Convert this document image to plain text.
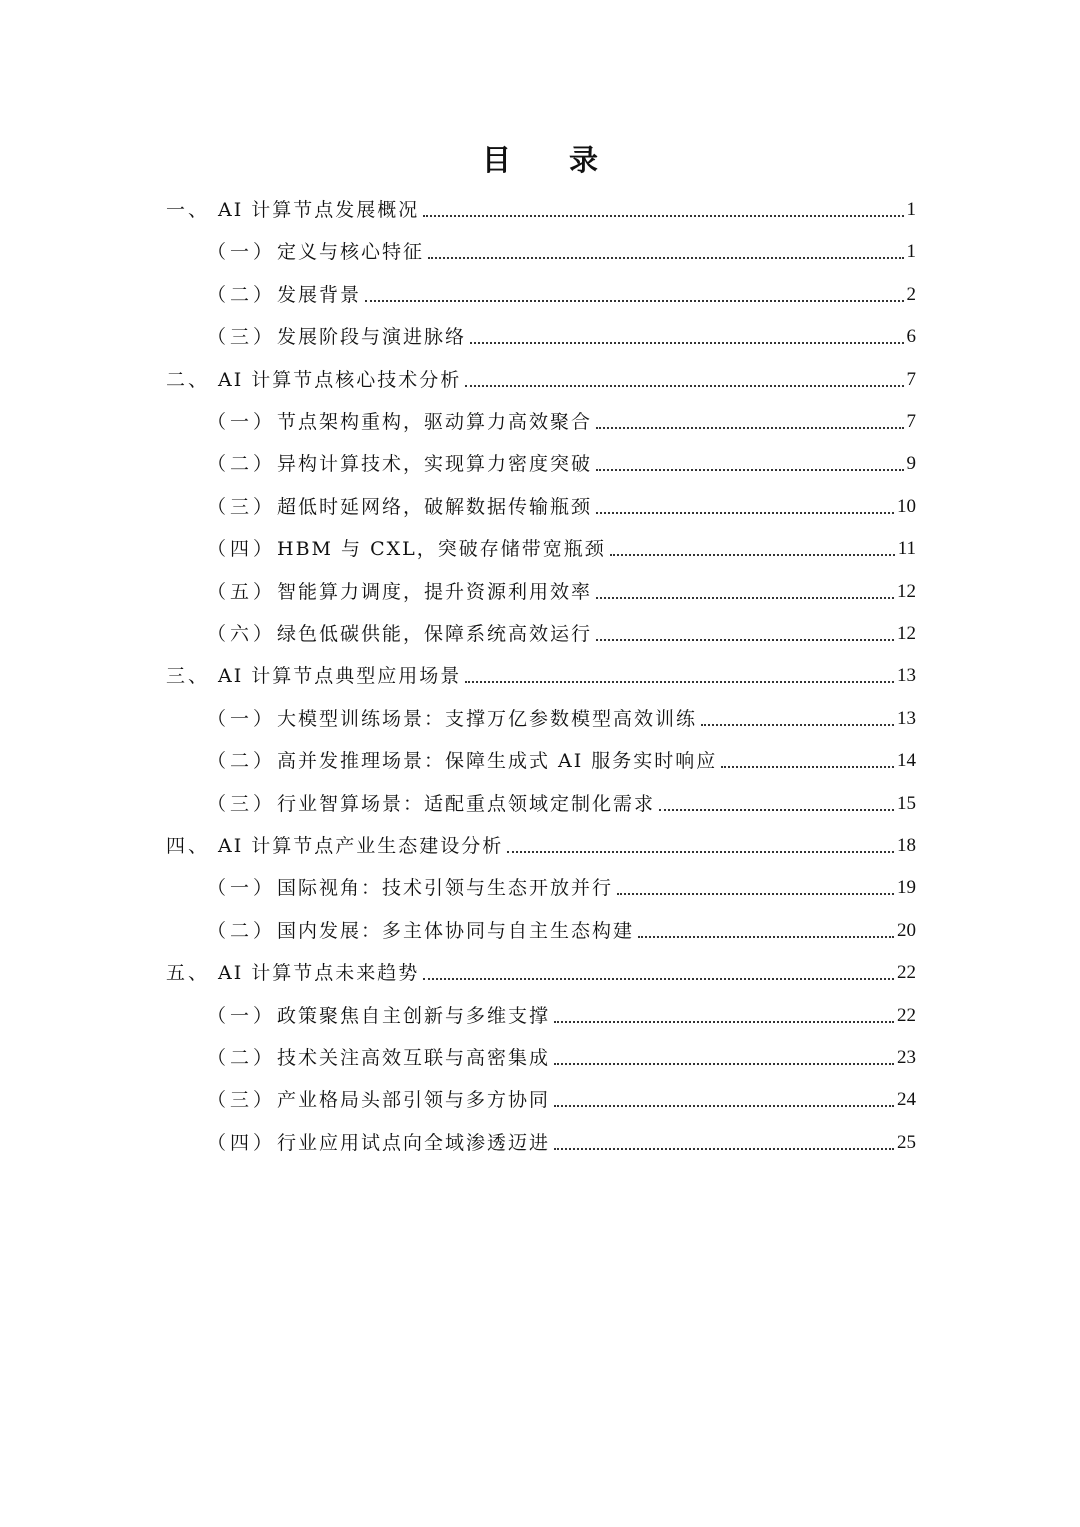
目 录
一、 AI 计算节点发展概况	1
（一） 定义与核心特征	1
（二） 发展背景	2
（三） 发展阶段与演进脉络	6
二、 AI 计算节点核心技术分析	7
（一） 节点架构重构，驱动算力高效聚合	7
（二） 异构计算技术，实现算力密度突破	9
（三） 超低时延网络，破解数据传输瓶颈	10
（四） HBM 与 CXL，突破存储带宽瓶颈	11
（五） 智能算力调度，提升资源利用效率	12
（六） 绿色低碳供能，保障系统高效运行	12
三、 AI 计算节点典型应用场景	13
（一） 大模型训练场景：支撑万亿参数模型高效训练	13
（二） 高并发推理场景：保障生成式 AI 服务实时响应	14
（三） 行业智算场景：适配重点领域定制化需求	15
四、 AI 计算节点产业生态建设分析	18
（一） 国际视角：技术引领与生态开放并行	19
（二） 国内发展：多主体协同与自主生态构建	20
五、 AI 计算节点未来趋势	22
（一） 政策聚焦自主创新与多维支撑	22
（二） 技术关注高效互联与高密集成	23
（三） 产业格局头部引领与多方协同	24
（四） 行业应用试点向全域渗透迈进	25
